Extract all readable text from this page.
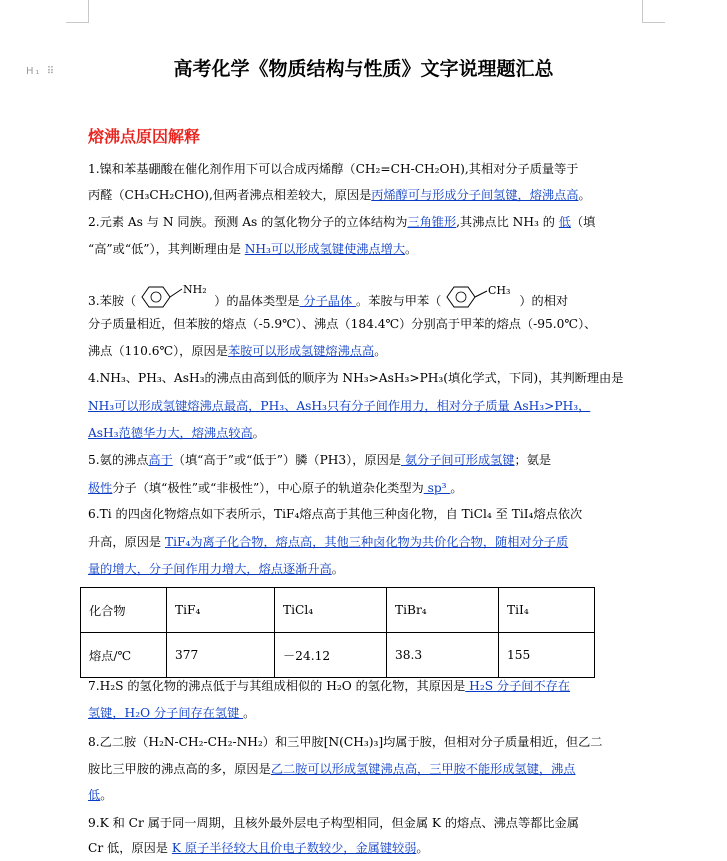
H₁ ⠿	高考化学《物质结构与性质》文字说理题汇总
熔沸点原因解释
1.镍和苯基硼酸在催化剂作用下可以合成丙烯醇（CH₂=CH-CH₂OH),其相对分子质量等于
丙醛（CH₃CH₂CHO),但两者沸点相差较大，原因是丙烯醇可与形成分子间氢键，熔沸点高。
2.元素 As 与 N 同族。预测 As 的氢化物分子的立体结构为三角锥形,其沸点比 NH₃ 的 低（填
“高”或“低”），其判断理由是 NH₃可以形成氢键使沸点增大。
3.苯胺（
NH₂
）的晶体类型是 分子晶体 。苯胺与甲苯（
CH₃
）的相对
分子质量相近，但苯胺的熔点（-5.9℃）、沸点（184.4℃）分别高于甲苯的熔点（-95.0℃）、
沸点（110.6℃），原因是苯胺可以形成氢键熔沸点高。
4.NH₃、PH₃、AsH₃的沸点由高到低的顺序为 NH₃>AsH₃>PH₃(填化学式，下同)，其判断理由是
NH₃可以形成氢键熔沸点最高，PH₃、AsH₃只有分子间作用力，相对分子质量 AsH₃>PH₃，
AsH₃范德华力大，熔沸点较高。
5.氨的沸点高于（填“高于”或“低于”）膦（PH3），原因是 氨分子间可形成氢键；氨是
极性分子（填“极性”或“非极性”），中心原子的轨道杂化类型为 sp³ 。
6.Ti 的四卤化物熔点如下表所示，TiF₄熔点高于其他三种卤化物，自 TiCl₄ 至 TiI₄熔点依次
升高，原因是 TiF₄为离子化合物，熔点高，其他三种卤化物为共价化合物，随相对分子质
量的增大，分子间作用力增大，熔点逐渐升高。
化合物	TiF₄	TiCl₄	TiBr₄	TiI₄
熔点/℃	377	－24.12	38.3	155
7.H₂S 的氢化物的沸点低于与其组成相似的 H₂O 的氢化物，其原因是 H₂S 分子间不存在
氢键，H₂O 分子间存在氢键 。
8.乙二胺（H₂N-CH₂-CH₂-NH₂）和三甲胺[N(CH₃)₃]均属于胺，但相对分子质量相近，但乙二
胺比三甲胺的沸点高的多，原因是乙二胺可以形成氢键沸点高，三甲胺不能形成氢键，沸点
低。
9.K 和 Cr 属于同一周期，且核外最外层电子构型相同，但金属 K 的熔点、沸点等都比金属
Cr 低，原因是 K 原子半径较大且价电子数较少，金属键较弱。
